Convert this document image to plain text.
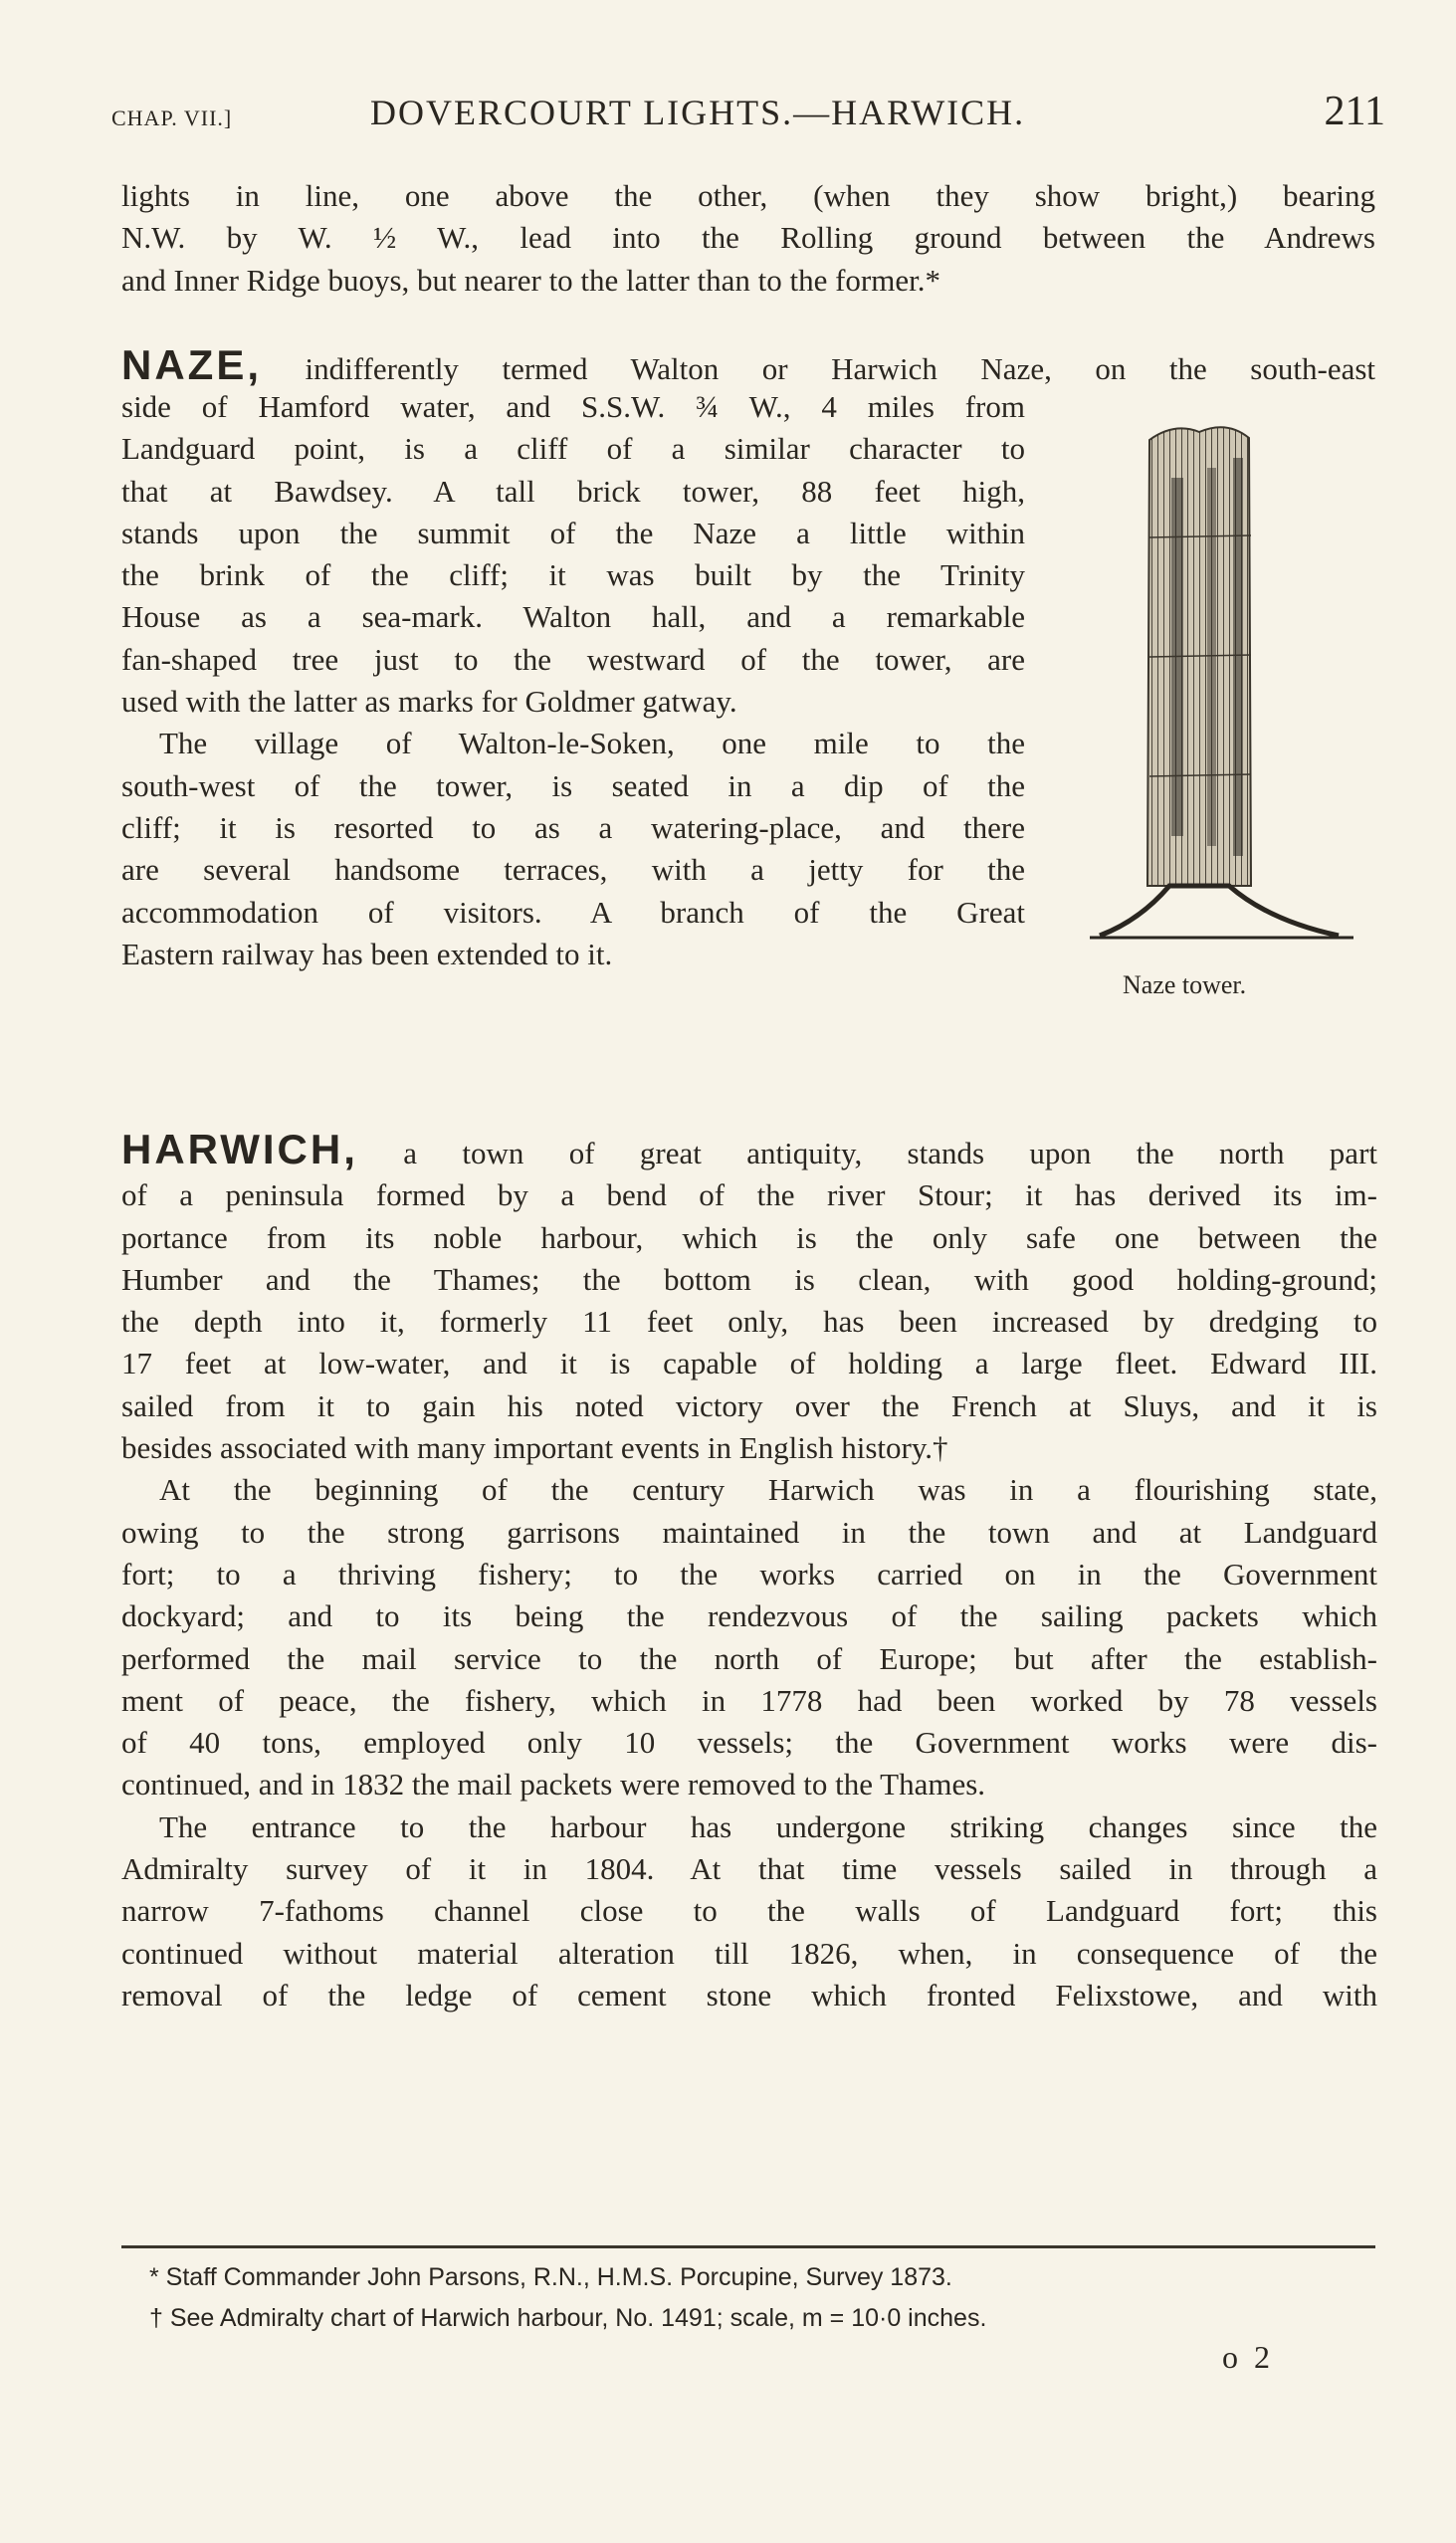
CHAP. VII.]	DOVERCOURT LIGHTS.—HARWICH.	211

lights in line, one above the other, (when they show bright,) bearing

N.W. by W. ½ W., lead into the Rolling ground between the Andrews

and Inner Ridge buoys, but nearer to the latter than to the former.*

NAZE, indifferently termed Walton or Harwich Naze, on the south-east

side of Hamford water, and S.S.W. ¾ W., 4 miles from

Landguard point, is a cliff of a similar character to

that at Bawdsey. A tall brick tower, 88 feet high,

stands upon the summit of the Naze a little within

the brink of the cliff; it was built by the Trinity

House as a sea-mark. Walton hall, and a remarkable

fan-shaped tree just to the westward of the tower, are

used with the latter as marks for Goldmer gatway.

The village of Walton-le-Soken, one mile to the

south-west of the tower, is seated in a dip of the

cliff; it is resorted to as a watering-place, and there

are several handsome terraces, with a jetty for the

accommodation of visitors. A branch of the Great

Eastern railway has been extended to it.

Naze tower.

HARWICH, a town of great antiquity, stands upon the north part

of a peninsula formed by a bend of the river Stour; it has derived its im-

portance from its noble harbour, which is the only safe one between the

Humber and the Thames; the bottom is clean, with good holding-ground;

the depth into it, formerly 11 feet only, has been increased by dredging to

17 feet at low-water, and it is capable of holding a large fleet. Edward III.

sailed from it to gain his noted victory over the French at Sluys, and it is

besides associated with many important events in English history.†

At the beginning of the century Harwich was in a flourishing state,

owing to the strong garrisons maintained in the town and at Landguard

fort; to a thriving fishery; to the works carried on in the Government

dockyard; and to its being the rendezvous of the sailing packets which

performed the mail service to the north of Europe; but after the establish-

ment of peace, the fishery, which in 1778 had been worked by 78 vessels

of 40 tons, employed only 10 vessels; the Government works were dis-

continued, and in 1832 the mail packets were removed to the Thames.

The entrance to the harbour has undergone striking changes since the

Admiralty survey of it in 1804. At that time vessels sailed in through a

narrow 7-fathoms channel close to the walls of Landguard fort; this

continued without material alteration till 1826, when, in consequence of the

removal of the ledge of cement stone which fronted Felixstowe, and with

* Staff Commander John Parsons, R.N., H.M.S. Porcupine, Survey 1873.

† See Admiralty chart of Harwich harbour, No. 1491; scale, m = 10·0 inches.

o 2
